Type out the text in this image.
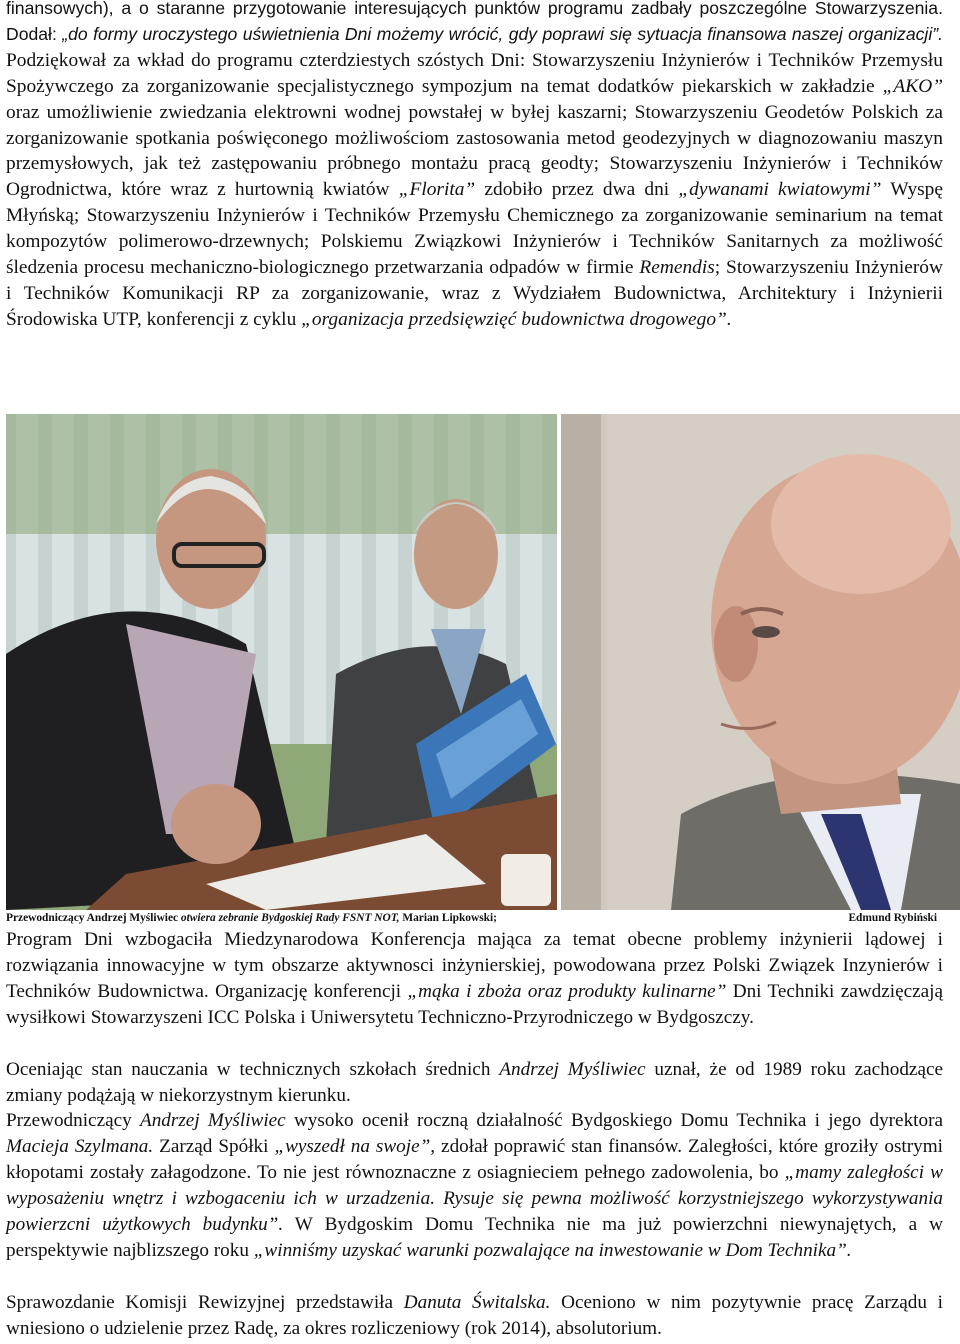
finansowych), a o staranne przygotowanie interesujących punktów programu zadbały poszczególne Stowarzyszenia. Dodał: „do formy uroczystego uświetnienia Dni możemy wrócić, gdy poprawi się sytuacja finansowa naszej organizacji”. Podziękował za wkład do programu czterdziestych szóstych Dni: Stowarzyszeniu Inżynierów i Techników Przemysłu Spożywczego za zorganizowanie specjalistycznego sympozjum na temat dodatków piekarskich w zakładzie „AKO” oraz umożliwienie zwiedzania elektrowni wodnej powstałej w byłej kaszarni; Stowarzyszeniu Geodetów Polskich za zorganizowanie spotkania poświęconego możliwościom zastosowania metod geodezyjnych w diagnozowaniu maszyn przemysłowych, jak też zastępowaniu próbnego montażu pracą geodty; Stowarzyszeniu Inżynierów i Techników Ogrodnictwa, które wraz z hurtownią kwiatów „Florita” zdobiło przez dwa dni „dywanami kwiatowymi” Wyspę Młyńską; Stowarzyszeniu Inżynierów i Techników Przemysłu Chemicznego za zorganizowanie seminarium na temat kompozytów polimerowo-drzewnych; Polskiemu Związkowi Inżynierów i Techników Sanitarnych za możliwość śledzenia procesu mechaniczno-biologicznego przetwarzania odpadów w firmie Remendis; Stowarzyszeniu Inżynierów i Techników Komunikacji RP za zorganizowanie, wraz z Wydziałem Budownictwa, Architektury i Inżynierii Środowiska UTP, konferencji z cyklu „organizacja przedsięwzięć budownictwa drogowego”.

Przewodniczący Andrzej Myśliwiec otwiera zebranie Bydgoskiej Rady FSNT NOT, Marian Lipkowski;	Edmund Rybiński

Program Dni wzbogaciła Miedzynarodowa Konferencja mająca za temat obecne problemy inżynierii lądowej i rozwiązania innowacyjne w tym obszarze aktywnosci inżynierskiej, powodowana przez Polski Związek Inzynierów i Techników Budownictwa. Organizację konferencji „mąka i zboża oraz produkty kulinarne” Dni Techniki zawdzięczają wysiłkowi Stowarzyszeni ICC Polska i Uniwersytetu Techniczno-Przyrodniczego w Bydgoszczy.

Oceniając stan nauczania w technicznych szkołach średnich Andrzej Myśliwiec uznał, że od 1989 roku zachodzące zmiany podążają w niekorzystnym kierunku.

Przewodniczący Andrzej Myśliwiec wysoko ocenił roczną działalność Bydgoskiego Domu Technika i jego dyrektora Macieja Szylmana. Zarząd Spółki „wyszedł na swoje”, zdołał poprawić stan finansów. Zaległości, które groziły ostrymi kłopotami zostały załagodzone. To nie jest równoznaczne z osiagnieciem pełnego zadowolenia, bo „mamy zaległości w wyposażeniu wnętrz i wzbogaceniu ich w urzadzenia. Rysuje się pewna możliwość korzystniejszego wykorzystywania powierzcni użytkowych budynku”. W Bydgoskim Domu Technika nie ma już powierzchni niewynajętych, a w perspektywie najblizszego roku „winniśmy uzyskać warunki pozwalające na inwestowanie w Dom Technika”.

Sprawozdanie Komisji Rewizyjnej przedstawiła Danuta Świtalska. Oceniono w nim pozytywnie pracę Zarządu i wniesiono o udzielenie przez Radę, za okres rozliczeniowy (rok 2014), absolutorium.
